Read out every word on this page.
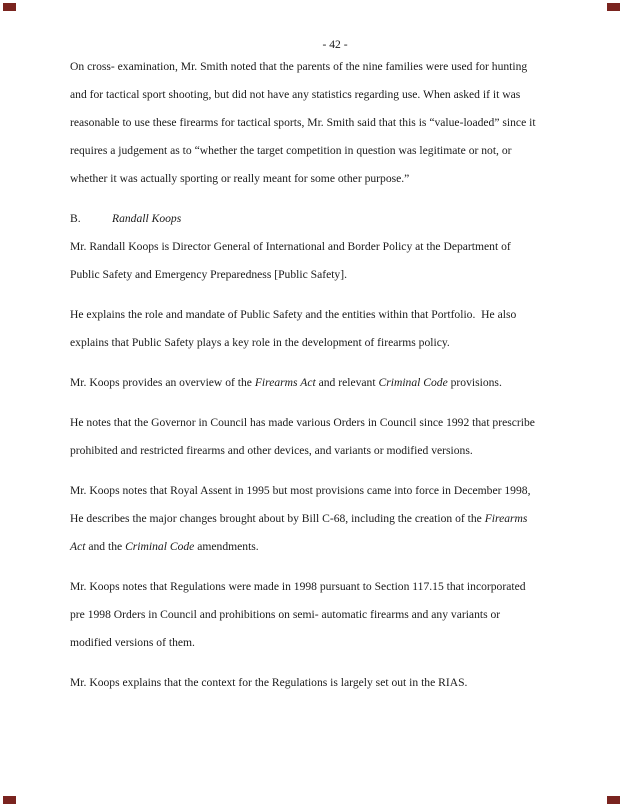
- 42 -

On cross- examination, Mr. Smith noted that the parents of the nine families were used for hunting
and for tactical sport shooting, but did not have any statistics regarding use. When asked if it was
reasonable to use these firearms for tactical sports, Mr. Smith said that this is “value-loaded” since it
requires a judgement as to “whether the target competition in question was legitimate or not, or
whether it was actually sporting or really meant for some other purpose.”

B.	Randall Koops

Mr. Randall Koops is Director General of International and Border Policy at the Department of
Public Safety and Emergency Preparedness [Public Safety].

He explains the role and mandate of Public Safety and the entities within that Portfolio.  He also
explains that Public Safety plays a key role in the development of firearms policy.

Mr. Koops provides an overview of the Firearms Act and relevant Criminal Code provisions.

He notes that the Governor in Council has made various Orders in Council since 1992 that prescribe
prohibited and restricted firearms and other devices, and variants or modified versions.

Mr. Koops notes that Royal Assent in 1995 but most provisions came into force in December 1998,
He describes the major changes brought about by Bill C-68, including the creation of the Firearms
Act and the Criminal Code amendments.

Mr. Koops notes that Regulations were made in 1998 pursuant to Section 117.15 that incorporated
pre 1998 Orders in Council and prohibitions on semi- automatic firearms and any variants or
modified versions of them.

Mr. Koops explains that the context for the Regulations is largely set out in the RIAS.
